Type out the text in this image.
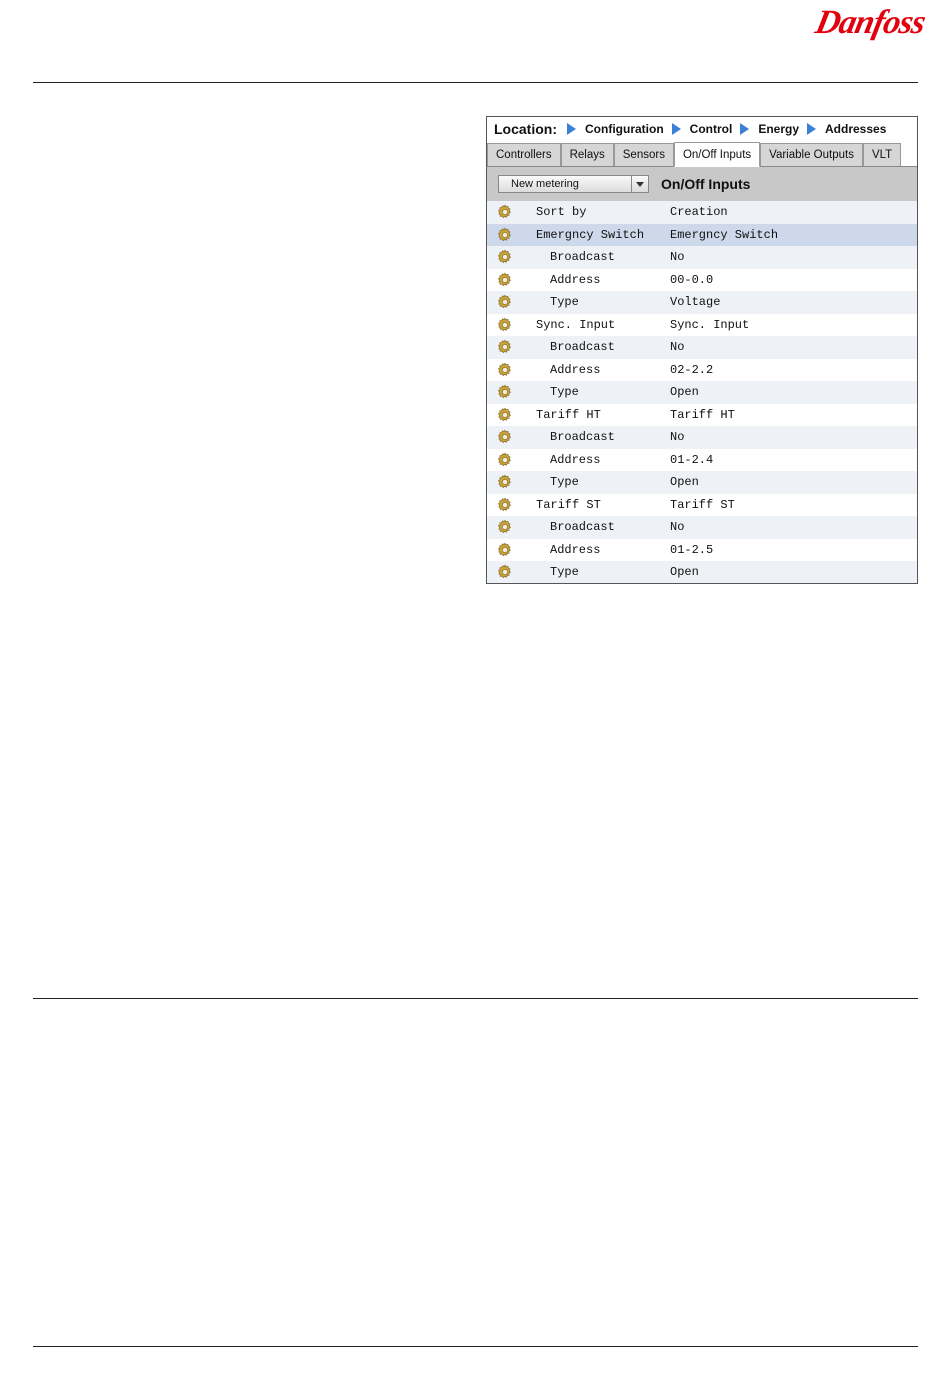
Danfoss
Location: Configuration Control Energy Addresses
Controllers	Relays	Sensors	On/Off Inputs	Variable Outputs	VLT
New metering	On/Off Inputs
Sort by	Creation
Emergncy Switch	Emergncy Switch
Broadcast	No
Address	00-0.0
Type	Voltage
Sync. Input	Sync. Input
Broadcast	No
Address	02-2.2
Type	Open
Tariff HT	Tariff HT
Broadcast	No
Address	01-2.4
Type	Open
Tariff ST	Tariff ST
Broadcast	No
Address	01-2.5
Type	Open
